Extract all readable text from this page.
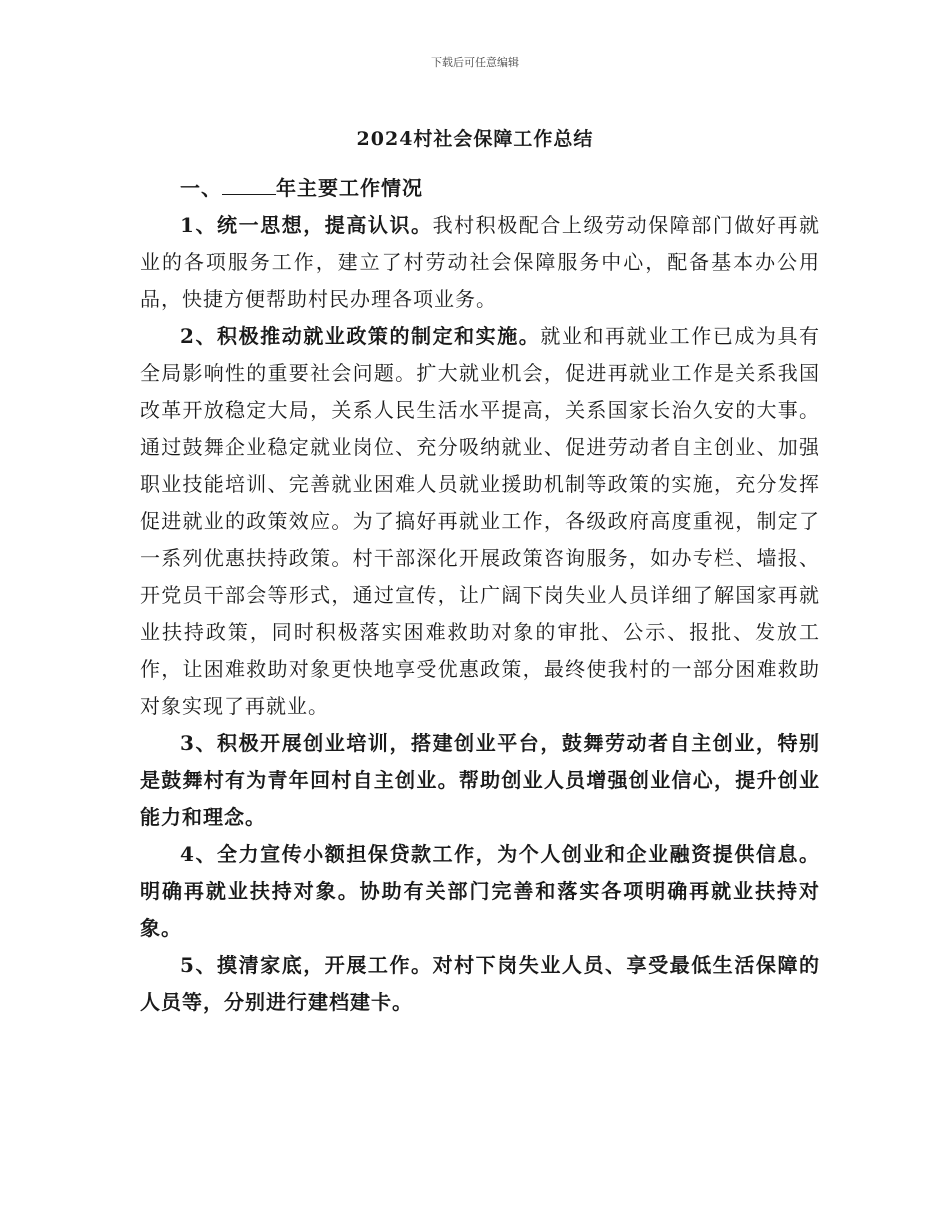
下载后可任意编辑
2024村社会保障工作总结

一、	年主要工作情况

1、统一思想，提高认识。我村积极配合上级劳动保障部门做好再就业的各项服务工作，建立了村劳动社会保障服务中心，配备基本办公用品，快捷方便帮助村民办理各项业务。

2、积极推动就业政策的制定和实施。就业和再就业工作已成为具有全局影响性的重要社会问题。扩大就业机会，促进再就业工作是关系我国改革开放稳定大局，关系人民生活水平提高，关系国家长治久安的大事。通过鼓舞企业稳定就业岗位、充分吸纳就业、促进劳动者自主创业、加强职业技能培训、完善就业困难人员就业援助机制等政策的实施，充分发挥促进就业的政策效应。为了搞好再就业工作，各级政府高度重视，制定了一系列优惠扶持政策。村干部深化开展政策咨询服务，如办专栏、墙报、开党员干部会等形式，通过宣传，让广阔下岗失业人员详细了解国家再就业扶持政策，同时积极落实困难救助对象的审批、公示、报批、发放工作，让困难救助对象更快地享受优惠政策，最终使我村的一部分困难救助对象实现了再就业。

3、积极开展创业培训，搭建创业平台，鼓舞劳动者自主创业，特别是鼓舞村有为青年回村自主创业。帮助创业人员增强创业信心，提升创业能力和理念。

4、全力宣传小额担保贷款工作，为个人创业和企业融资提供信息。明确再就业扶持对象。协助有关部门完善和落实各项明确再就业扶持对象。

5、摸清家底，开展工作。对村下岗失业人员、享受最低生活保障的人员等，分别进行建档建卡。
